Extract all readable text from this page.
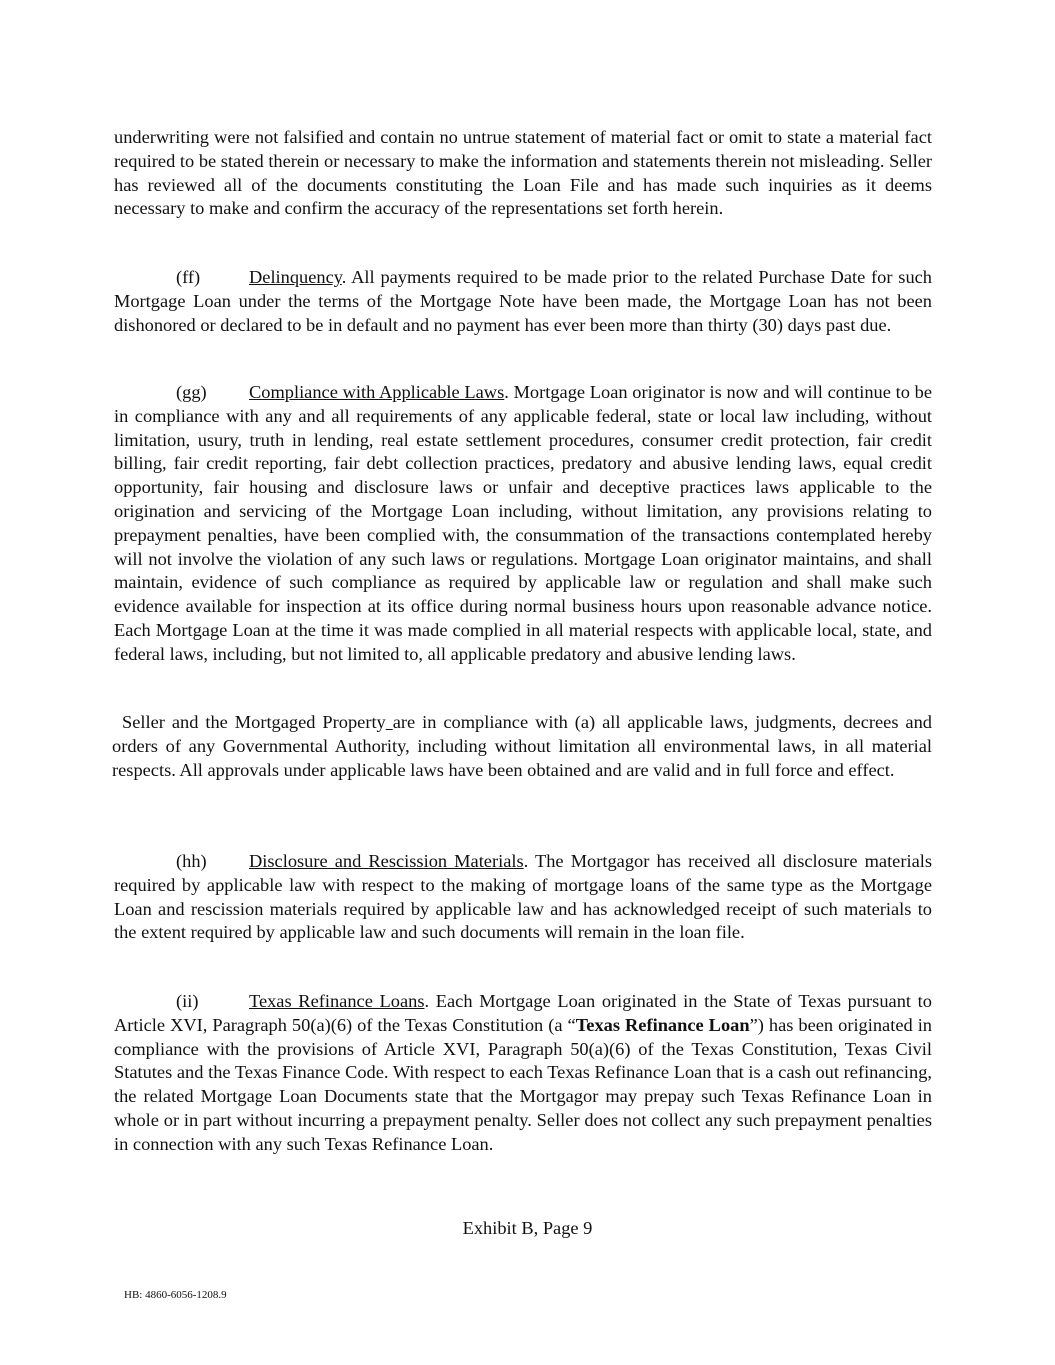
underwriting were not falsified and contain no untrue statement of material fact or omit to state a material fact required to be stated therein or necessary to make the information and statements therein not misleading. Seller has reviewed all of the documents constituting the Loan File and has made such inquiries as it deems necessary to make and confirm the accuracy of the representations set forth herein.

(ff)	Delinquency. All payments required to be made prior to the related Purchase Date for such Mortgage Loan under the terms of the Mortgage Note have been made, the Mortgage Loan has not been dishonored or declared to be in default and no payment has ever been more than thirty (30) days past due.

(gg) Compliance with Applicable Laws. Mortgage Loan originator is now and will continue to be in compliance with any and all requirements of any applicable federal, state or local law including, without limitation, usury, truth in lending, real estate settlement procedures, consumer credit protection, fair credit billing, fair credit reporting, fair debt collection practices, predatory and abusive lending laws, equal credit opportunity, fair housing and disclosure laws or unfair and deceptive practices laws applicable to the origination and servicing of the Mortgage Loan including, without limitation, any provisions relating to prepayment penalties, have been complied with, the consummation of the transactions contemplated hereby will not involve the violation of any such laws or regulations. Mortgage Loan originator maintains, and shall maintain, evidence of such compliance as required by applicable law or regulation and shall make such evidence available for inspection at its office during normal business hours upon reasonable advance notice. Each Mortgage Loan at the time it was made complied in all material respects with applicable local, state, and federal laws, including, but not limited to, all applicable predatory and abusive lending laws.

Seller and the Mortgaged Property are in compliance with (a) all applicable laws, judgments, decrees and orders of any Governmental Authority, including without limitation all environmental laws, in all material respects. All approvals under applicable laws have been obtained and are valid and in full force and effect.

(hh) Disclosure and Rescission Materials. The Mortgagor has received all disclosure materials required by applicable law with respect to the making of mortgage loans of the same type as the Mortgage Loan and rescission materials required by applicable law and has acknowledged receipt of such materials to the extent required by applicable law and such documents will remain in the loan file.

(ii)	Texas Refinance Loans. Each Mortgage Loan originated in the State of Texas pursuant to Article XVI, Paragraph 50(a)(6) of the Texas Constitution (a “Texas Refinance Loan”) has been originated in compliance with the provisions of Article XVI, Paragraph 50(a)(6) of the Texas Constitution, Texas Civil Statutes and the Texas Finance Code. With respect to each Texas Refinance Loan that is a cash out refinancing, the related Mortgage Loan Documents state that the Mortgagor may prepay such Texas Refinance Loan in whole or in part without incurring a prepayment penalty. Seller does not collect any such prepayment penalties in connection with any such Texas Refinance Loan.

Exhibit B, Page 9
HB: 4860-6056-1208.9
